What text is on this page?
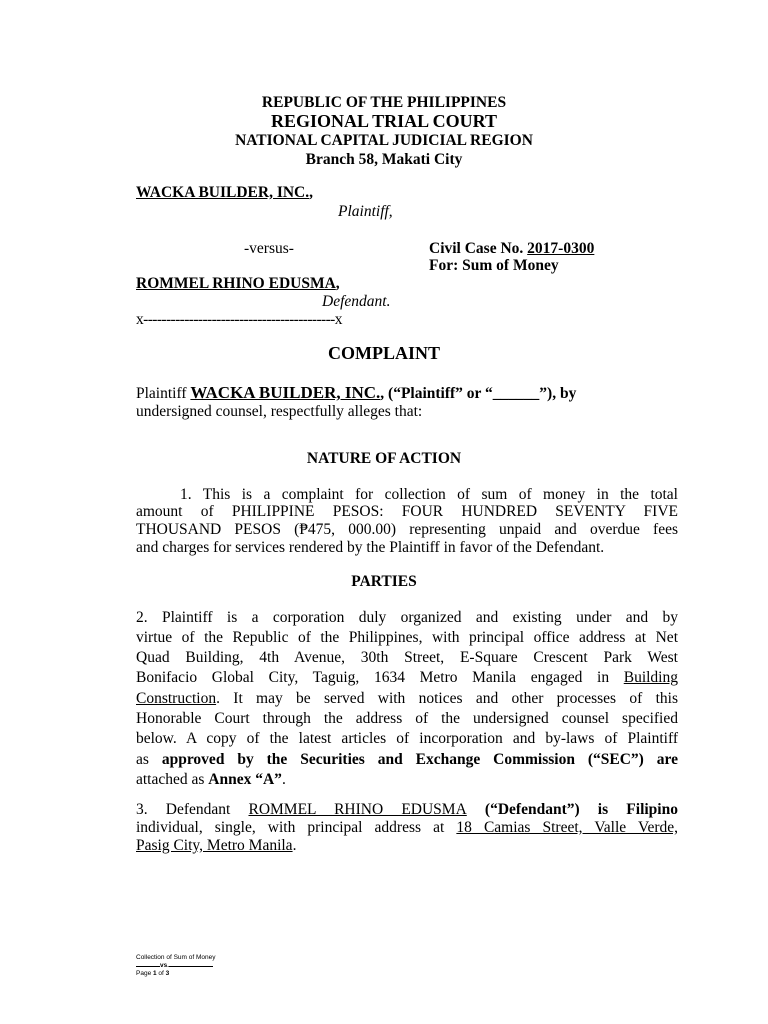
REPUBLIC OF THE PHILIPPINES
REGIONAL TRIAL COURT
NATIONAL CAPITAL JUDICIAL REGION
Branch 58, Makati City
WACKA BUILDER, INC.,
Plaintiff,
-versus-	Civil Case No. 2017-0300
For: Sum of Money
ROMMEL RHINO EDUSMA,
Defendant.
x------------------------------------------x
COMPLAINT
Plaintiff WACKA BUILDER, INC., (“Plaintiff” or “______”), by
undersigned counsel, respectfully alleges that:
NATURE OF ACTION
1. This is a complaint for collection of sum of money in the total
amount of PHILIPPINE PESOS: FOUR HUNDRED SEVENTY FIVE
THOUSAND PESOS (₱475, 000.00) representing unpaid and overdue fees
and charges for services rendered by the Plaintiff in favor of the Defendant.
PARTIES
2. Plaintiff is a corporation duly organized and existing under and by
virtue of the Republic of the Philippines, with principal office address at Net
Quad Building, 4th Avenue, 30th Street, E-Square Crescent Park West
Bonifacio Global City, Taguig, 1634 Metro Manila engaged in Building
Construction. It may be served with notices and other processes of this
Honorable Court through the address of the undersigned counsel specified
below. A copy of the latest articles of incorporation and by-laws of Plaintiff
as approved by the Securities and Exchange Commission (“SEC”) are
attached as Annex “A”.
3. Defendant ROMMEL RHINO EDUSMA (“Defendant”) is Filipino
individual, single, with principal address at 18 Camias Street, Valle Verde,
Pasig City, Metro Manila.
Collection of Sum of Money
vs.
Page 1 of 3
